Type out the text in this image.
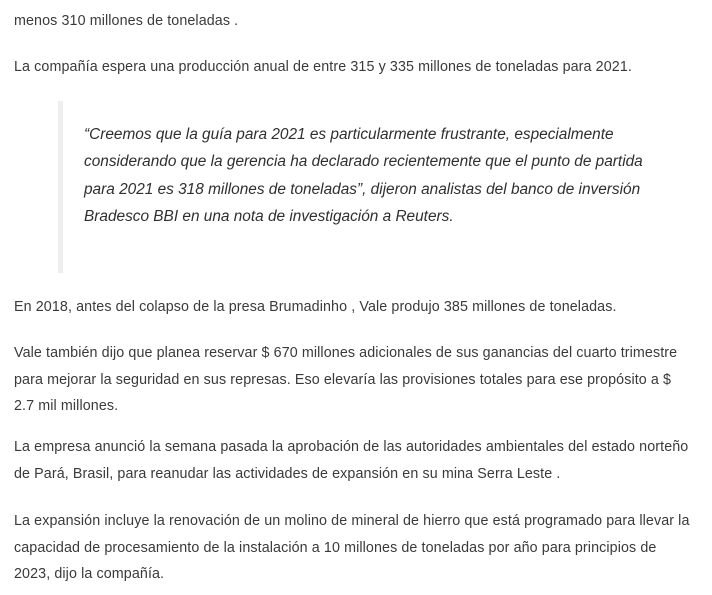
menos 310 millones de toneladas .

La compañía espera una producción anual de entre 315 y 335 millones de toneladas para 2021.

En 2018, antes del colapso de la presa Brumadinho , Vale produjo 385 millones de toneladas.

Vale también dijo que planea reservar $ 670 millones adicionales de sus ganancias del cuarto trimestre para mejorar la seguridad en sus represas. Eso elevaría las provisiones totales para ese propósito a $ 2.7 mil millones.

La empresa anunció la semana pasada la aprobación de las autoridades ambientales del estado norteño de Pará, Brasil, para reanudar las actividades de expansión en su mina Serra Leste .

La expansión incluye la renovación de un molino de mineral de hierro que está programado para llevar la capacidad de procesamiento de la instalación a 10 millones de toneladas por año para principios de 2023, dijo la compañía.

“Creemos que la guía para 2021 es particularmente frustrante, especialmente considerando que la gerencia ha declarado recientemente que el punto de partida para 2021 es 318 millones de toneladas”, dijeron analistas del banco de inversión Bradesco BBI en una nota de investigación a Reuters.
